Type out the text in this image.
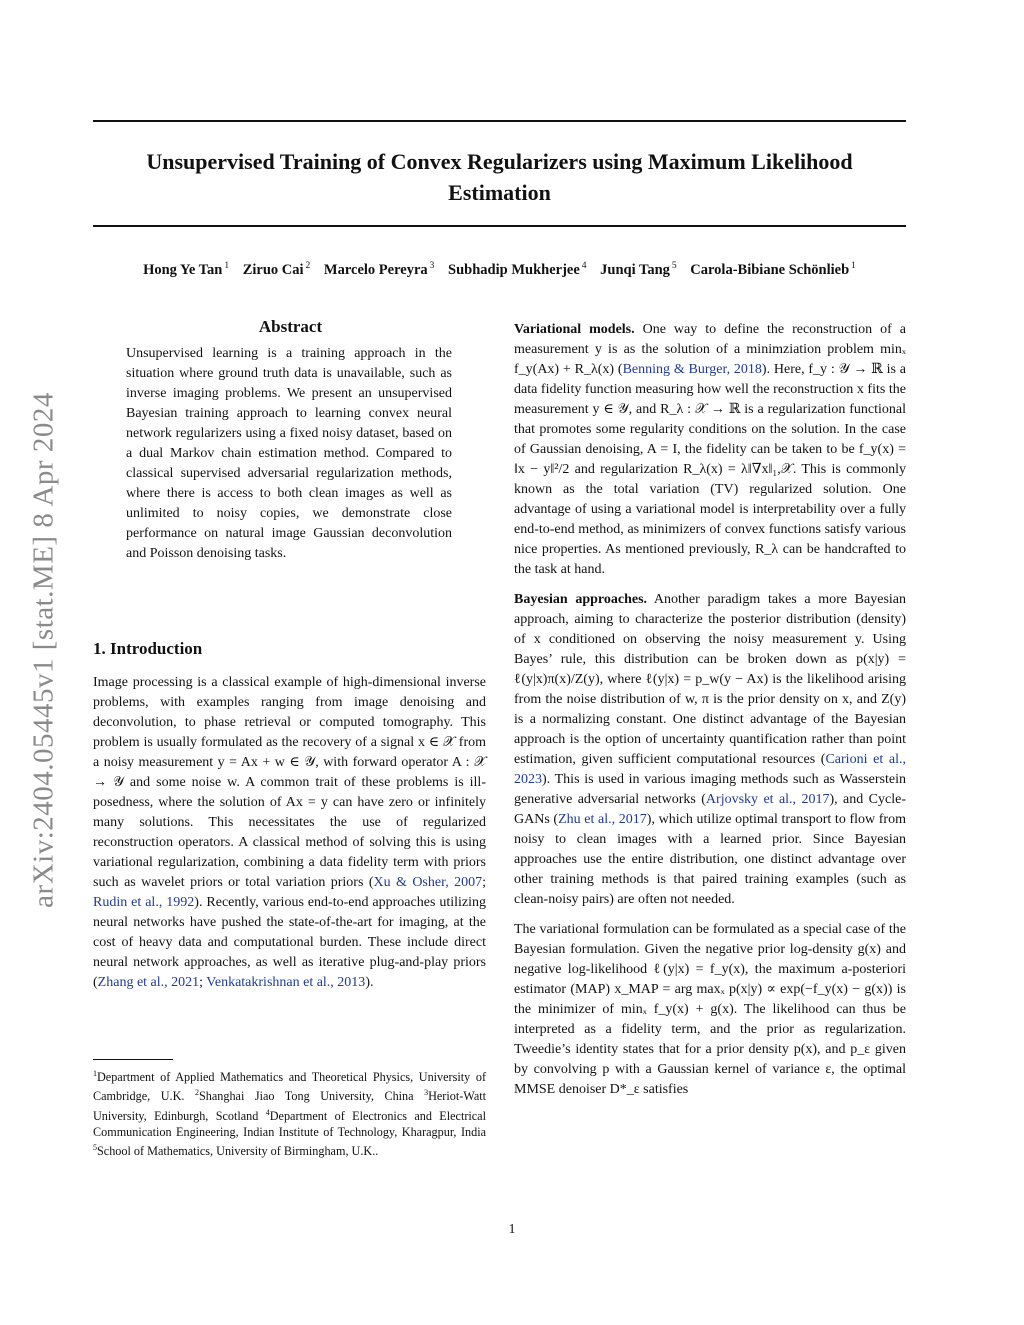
Unsupervised Training of Convex Regularizers using Maximum Likelihood Estimation
Hong Ye Tan $^1$ Ziruo Cai $^2$ Marcelo Pereyra $^3$ Subhadip Mukherjee $^4$ Junqi Tang $^5$ Carola-Bibiane Schönlieb $^1$
arXiv:2404.05445v1 [stat.ME] 8 Apr 2024
Abstract
Unsupervised learning is a training approach in the situation where ground truth data is unavailable, such as inverse imaging problems. We present an unsupervised Bayesian training approach to learning convex neural network regularizers using a fixed noisy dataset, based on a dual Markov chain estimation method. Compared to classical supervised adversarial regularization methods, where there is access to both clean images as well as unlimited to noisy copies, we demonstrate close performance on natural image Gaussian deconvolution and Poisson denoising tasks.
1. Introduction
Image processing is a classical example of high-dimensional inverse problems, with examples ranging from image denoising and deconvolution, to phase retrieval or computed tomography. This problem is usually formulated as the recovery of a signal x ∈ 𝒳 from a noisy measurement y = Ax + w ∈ 𝒴, with forward operator A : 𝒳 → 𝒴 and some noise w. A common trait of these problems is ill-posedness, where the solution of Ax = y can have zero or infinitely many solutions. This necessitates the use of regularized reconstruction operators. A classical method of solving this is using variational regularization, combining a data fidelity term with priors such as wavelet priors or total variation priors (Xu & Osher, 2007; Rudin et al., 1992). Recently, various end-to-end approaches utilizing neural networks have pushed the state-of-the-art for imaging, at the cost of heavy data and computational burden. These include direct neural network approaches, as well as iterative plug-and-play priors (Zhang et al., 2021; Venkatakrishnan et al., 2013).
$^1$Department of Applied Mathematics and Theoretical Physics, University of Cambridge, U.K. $^2$Shanghai Jiao Tong University, China $^3$Heriot-Watt University, Edinburgh, Scotland $^4$Department of Electronics and Electrical Communication Engineering, Indian Institute of Technology, Kharagpur, India $^5$School of Mathematics, University of Birmingham, U.K..

Variational models. One way to define the reconstruction of a measurement y is as the solution of a minimziation problem minₓ f_y(Ax) + R_λ(x) (Benning & Burger, 2018). Here, f_y : 𝒴 → ℝ is a data fidelity function measuring how well the reconstruction x fits the measurement y ∈ 𝒴, and R_λ : 𝒳 → ℝ is a regularization functional that promotes some regularity conditions on the solution. In the case of Gaussian denoising, A = I, the fidelity can be taken to be f_y(x) = ‖x − y‖²/2 and regularization R_λ(x) = λ‖∇x‖₁,𝒳. This is commonly known as the total variation (TV) regularized solution. One advantage of using a variational model is interpretability over a fully end-to-end method, as minimizers of convex functions satisfy various nice properties. As mentioned previously, R_λ can be handcrafted to the task at hand.

Bayesian approaches. Another paradigm takes a more Bayesian approach, aiming to characterize the posterior distribution (density) of x conditioned on observing the noisy measurement y. Using Bayes’ rule, this distribution can be broken down as p(x|y) = ℓ(y|x)π(x)/Z(y), where ℓ(y|x) = p_w(y − Ax) is the likelihood arising from the noise distribution of w, π is the prior density on x, and Z(y) is a normalizing constant. One distinct advantage of the Bayesian approach is the option of uncertainty quantification rather than point estimation, given sufficient computational resources (Carioni et al., 2023). This is used in various imaging methods such as Wasserstein generative adversarial networks (Arjovsky et al., 2017), and Cycle-GANs (Zhu et al., 2017), which utilize optimal transport to flow from noisy to clean images with a learned prior. Since Bayesian approaches use the entire distribution, one distinct advantage over other training methods is that paired training examples (such as clean-noisy pairs) are often not needed.

The variational formulation can be formulated as a special case of the Bayesian formulation. Given the negative prior log-density g(x) and negative log-likelihood ℓ(y|x) = f_y(x), the maximum a-posteriori estimator (MAP) x_MAP = arg maxₓ p(x|y) ∝ exp(−f_y(x) − g(x)) is the minimizer of minₓ f_y(x) + g(x). The likelihood can thus be interpreted as a fidelity term, and the prior as regularization. Tweedie’s identity states that for a prior density p(x), and p_ε given by convolving p with a Gaussian kernel of variance ε, the optimal MMSE denoiser D*_ε satisfies

1
